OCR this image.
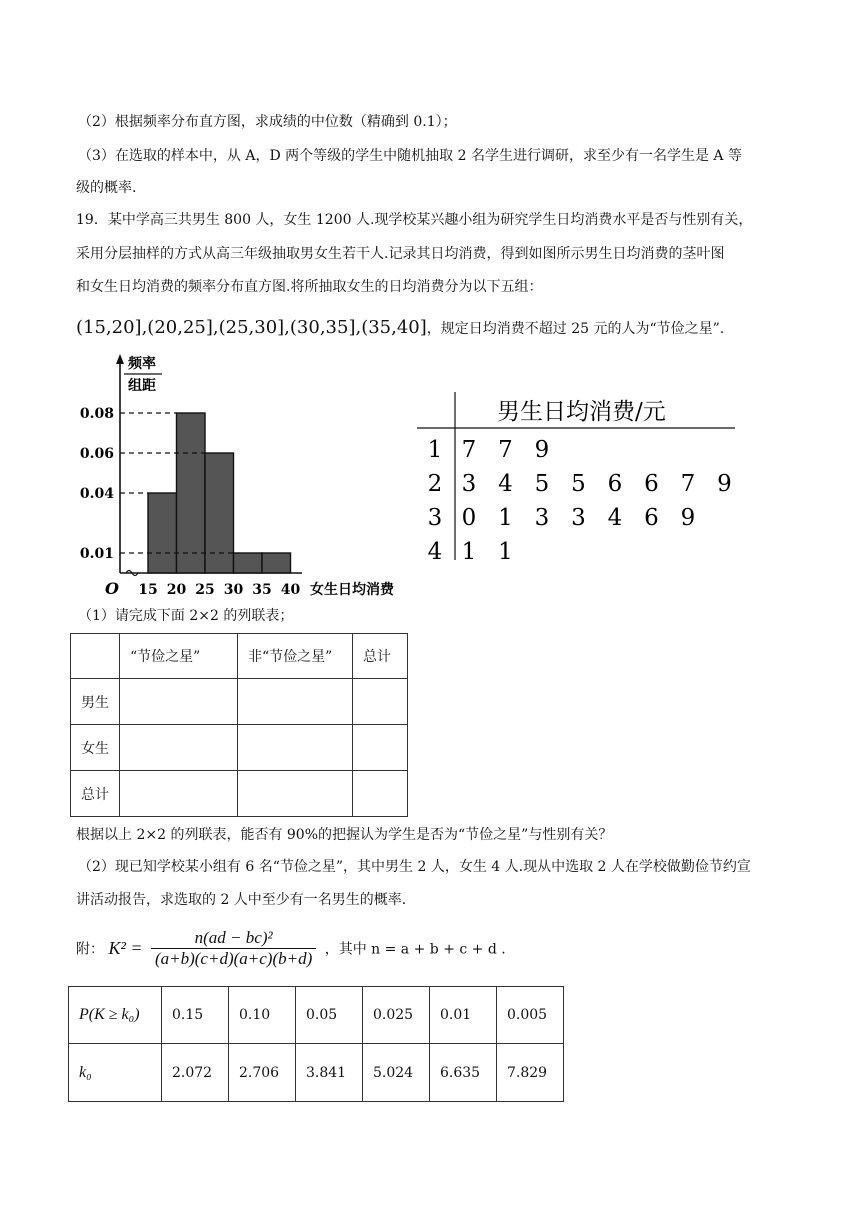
（2）根据频率分布直方图，求成绩的中位数（精确到 0.1）；
（3）在选取的样本中，从 A，D 两个等级的学生中随机抽取 2 名学生进行调研，求至少有一名学生是 A 等
级的概率.
19．某中学高三共男生 800 人，女生 1200 人.现学校某兴趣小组为研究学生日均消费水平是否与性别有关，
采用分层抽样的方式从高三年级抽取男女生若干人.记录其日均消费，得到如图所示男生日均消费的茎叶图
和女生日均消费的频率分布直方图.将所抽取女生的日均消费分为以下五组：
(15,20],(20,25],(25,30],(30,35],(35,40]，规定日均消费不超过 25 元的人为“节俭之星”.
频率
组距
0.01
0.04
0.06
0.08
15 20 25 30 35 40
O	女生日均消费
男生日均消费/元
1 7 7 9
2 3 4 5 5 6 6 7 9
3 0 1 3 3 4 6 9
4 1 1
（1）请完成下面 2×2 的列联表；
	“节俭之星”	非“节俭之星”	总计
男生			
女生			
总计			
根据以上 2×2 的列联表，能否有 90%的把握认为学生是否为“节俭之星”与性别有关？
（2）现已知学校某小组有 6 名“节俭之星”，其中男生 2 人，女生 4 人.现从中选取 2 人在学校做勤俭节约宣
讲活动报告，求选取的 2 人中至少有一名男生的概率.
附： $K^2 = \frac{\text{n(ad − bc)²}}{(a+b)(c+d)(a+c)(b+d)}$ ，其中 n = a + b + c + d .
P(K ≥ k₀)	0.15	0.10	0.05	0.025	0.01	0.005
k₀	2.072	2.706	3.841	5.024	6.635	7.829
